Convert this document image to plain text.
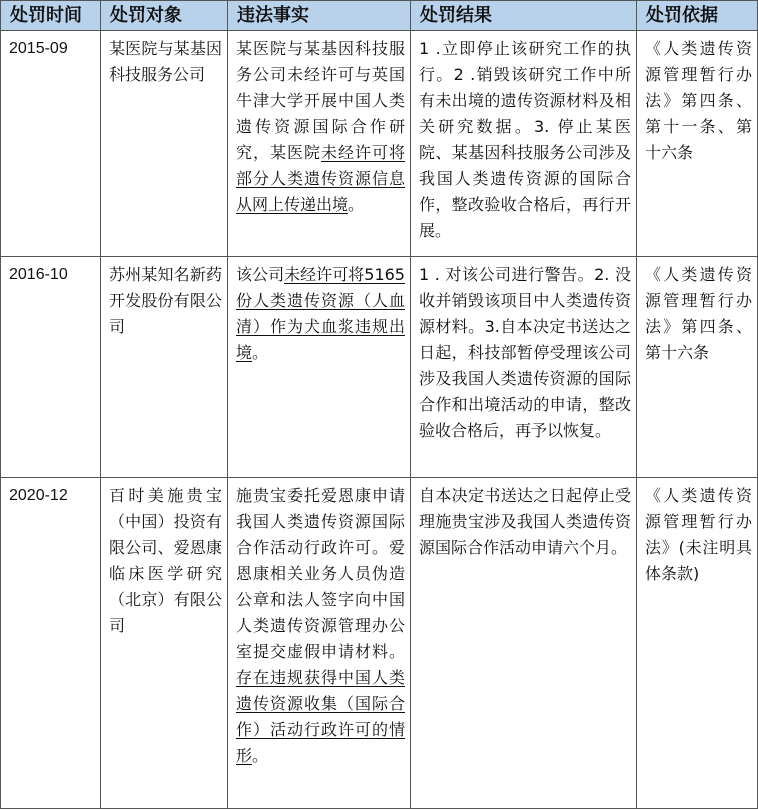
处罚时间	处罚对象	违法事实	处罚结果	处罚依据
2015-09	某医院与某基因科技服务公司	某医院与某基因科技服务公司未经许可与英国牛津大学开展中国人类遗传资源国际合作研究，某医院未经许可将部分人类遗传资源信息从网上传递出境。	1 .立即停止该研究工作的执行。2 .销毁该研究工作中所有未出境的遗传资源材料及相关研究数据。3. 停止某医院、某基因科技服务公司涉及我国人类遗传资源的国际合作，整改验收合格后，再行开展。	《人类遗传资源管理暂行办法》第四条、第十一条、第十六条
2016-10	苏州某知名新药开发股份有限公司	该公司未经许可将5165 份人类遗传资源（人血清）作为犬血浆违规出境。	1 . 对该公司进行警告。2. 没收并销毁该项目中人类遗传资源材料。3.自本决定书送达之日起，科技部暂停受理该公司涉及我国人类遗传资源的国际合作和出境活动的申请，整改验收合格后，再予以恢复。	《人类遗传资源管理暂行办法》第四条、第十六条
2020-12	百时美施贵宝（中国）投资有限公司、爱恩康临床医学研究（北京）有限公司	施贵宝委托爱恩康申请我国人类遗传资源国际合作活动行政许可。爱恩康相关业务人员伪造公章和法人签字向中国人类遗传资源管理办公室提交虚假申请材料。存在违规获得中国人类遗传资源收集（国际合作）活动行政许可的情形。	自本决定书送达之日起停止受理施贵宝涉及我国人类遗传资源国际合作活动申请六个月。	《人类遗传资源管理暂行办法》(未注明具体条款)
